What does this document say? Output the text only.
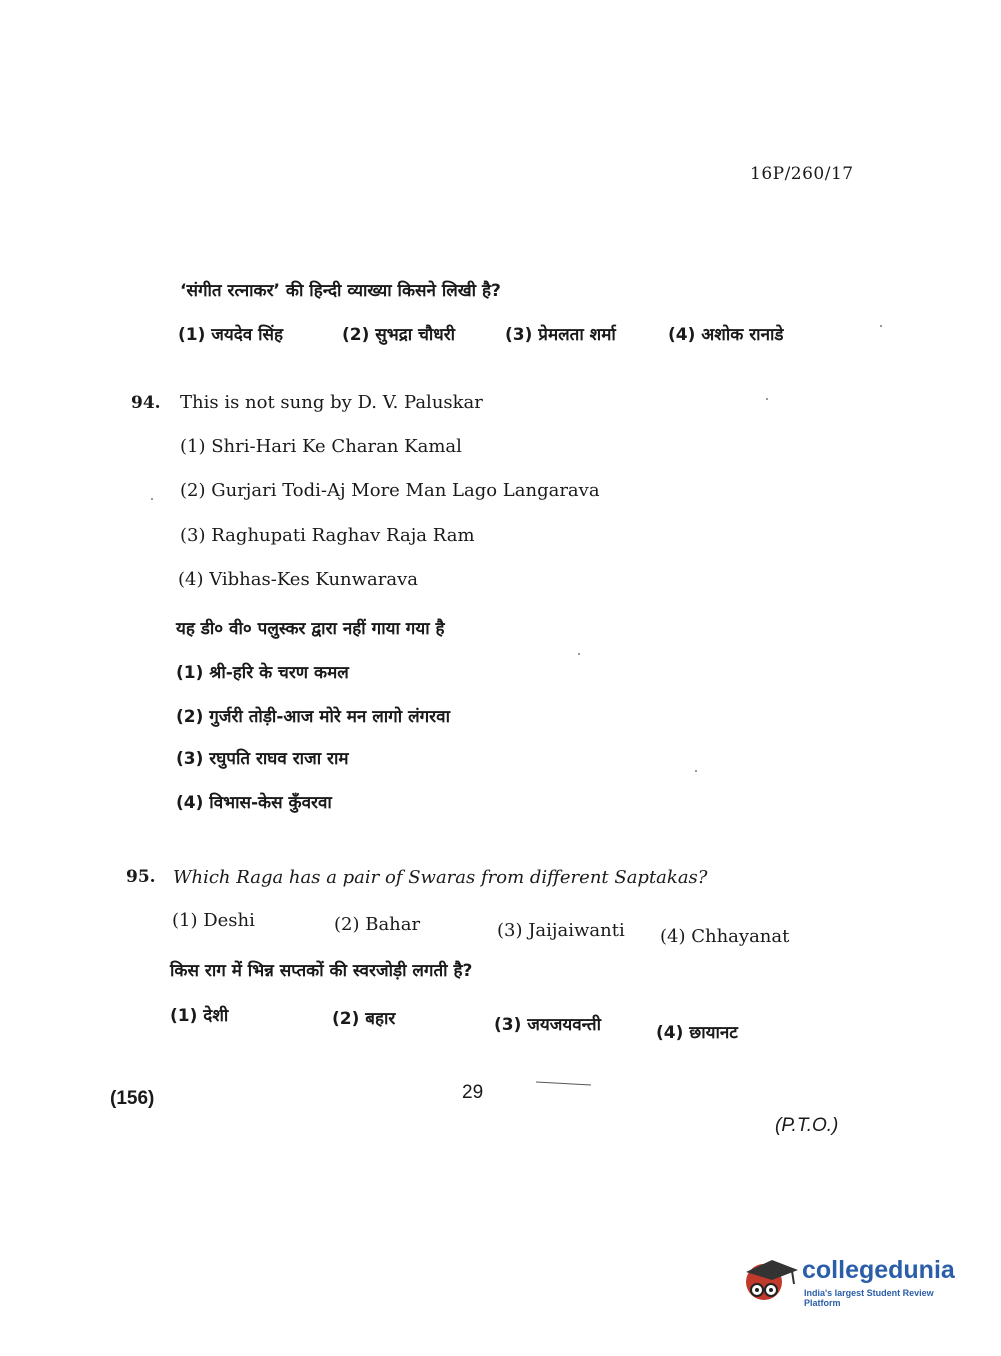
16P/260/17
‘संगीत रत्नाकर’ की हिन्दी व्याख्या किसने लिखी है?
(1) जयदेव सिंह	(2) सुभद्रा चौधरी	(3) प्रेमलता शर्मा	(4) अशोक रानाडे
94. This is not sung by D. V. Paluskar
(1) Shri-Hari Ke Charan Kamal
(2) Gurjari Todi-Aj More Man Lago Langarava
(3) Raghupati Raghav Raja Ram
(4) Vibhas-Kes Kunwarava
यह डी० वी० पलुस्कर द्वारा नहीं गाया गया है
(1) श्री-हरि के चरण कमल
(2) गुर्जरी तोड़ी-आज मोरे मन लागो लंगरवा
(3) रघुपति राघव राजा राम
(4) विभास-केस कुँवरवा
95. Which Raga has a pair of Swaras from different Saptakas?
(1) Deshi	(2) Bahar	(3) Jaijaiwanti (4) Chhayanat
किस राग में भिन्न सप्तकों की स्वरजोड़ी लगती है?
(1) देशी	(2) बहार	(3) जयजयवन्ती	(4) छायानट
(156)	29
(P.T.O.)
collegedunia
India's largest Student Review Platform
